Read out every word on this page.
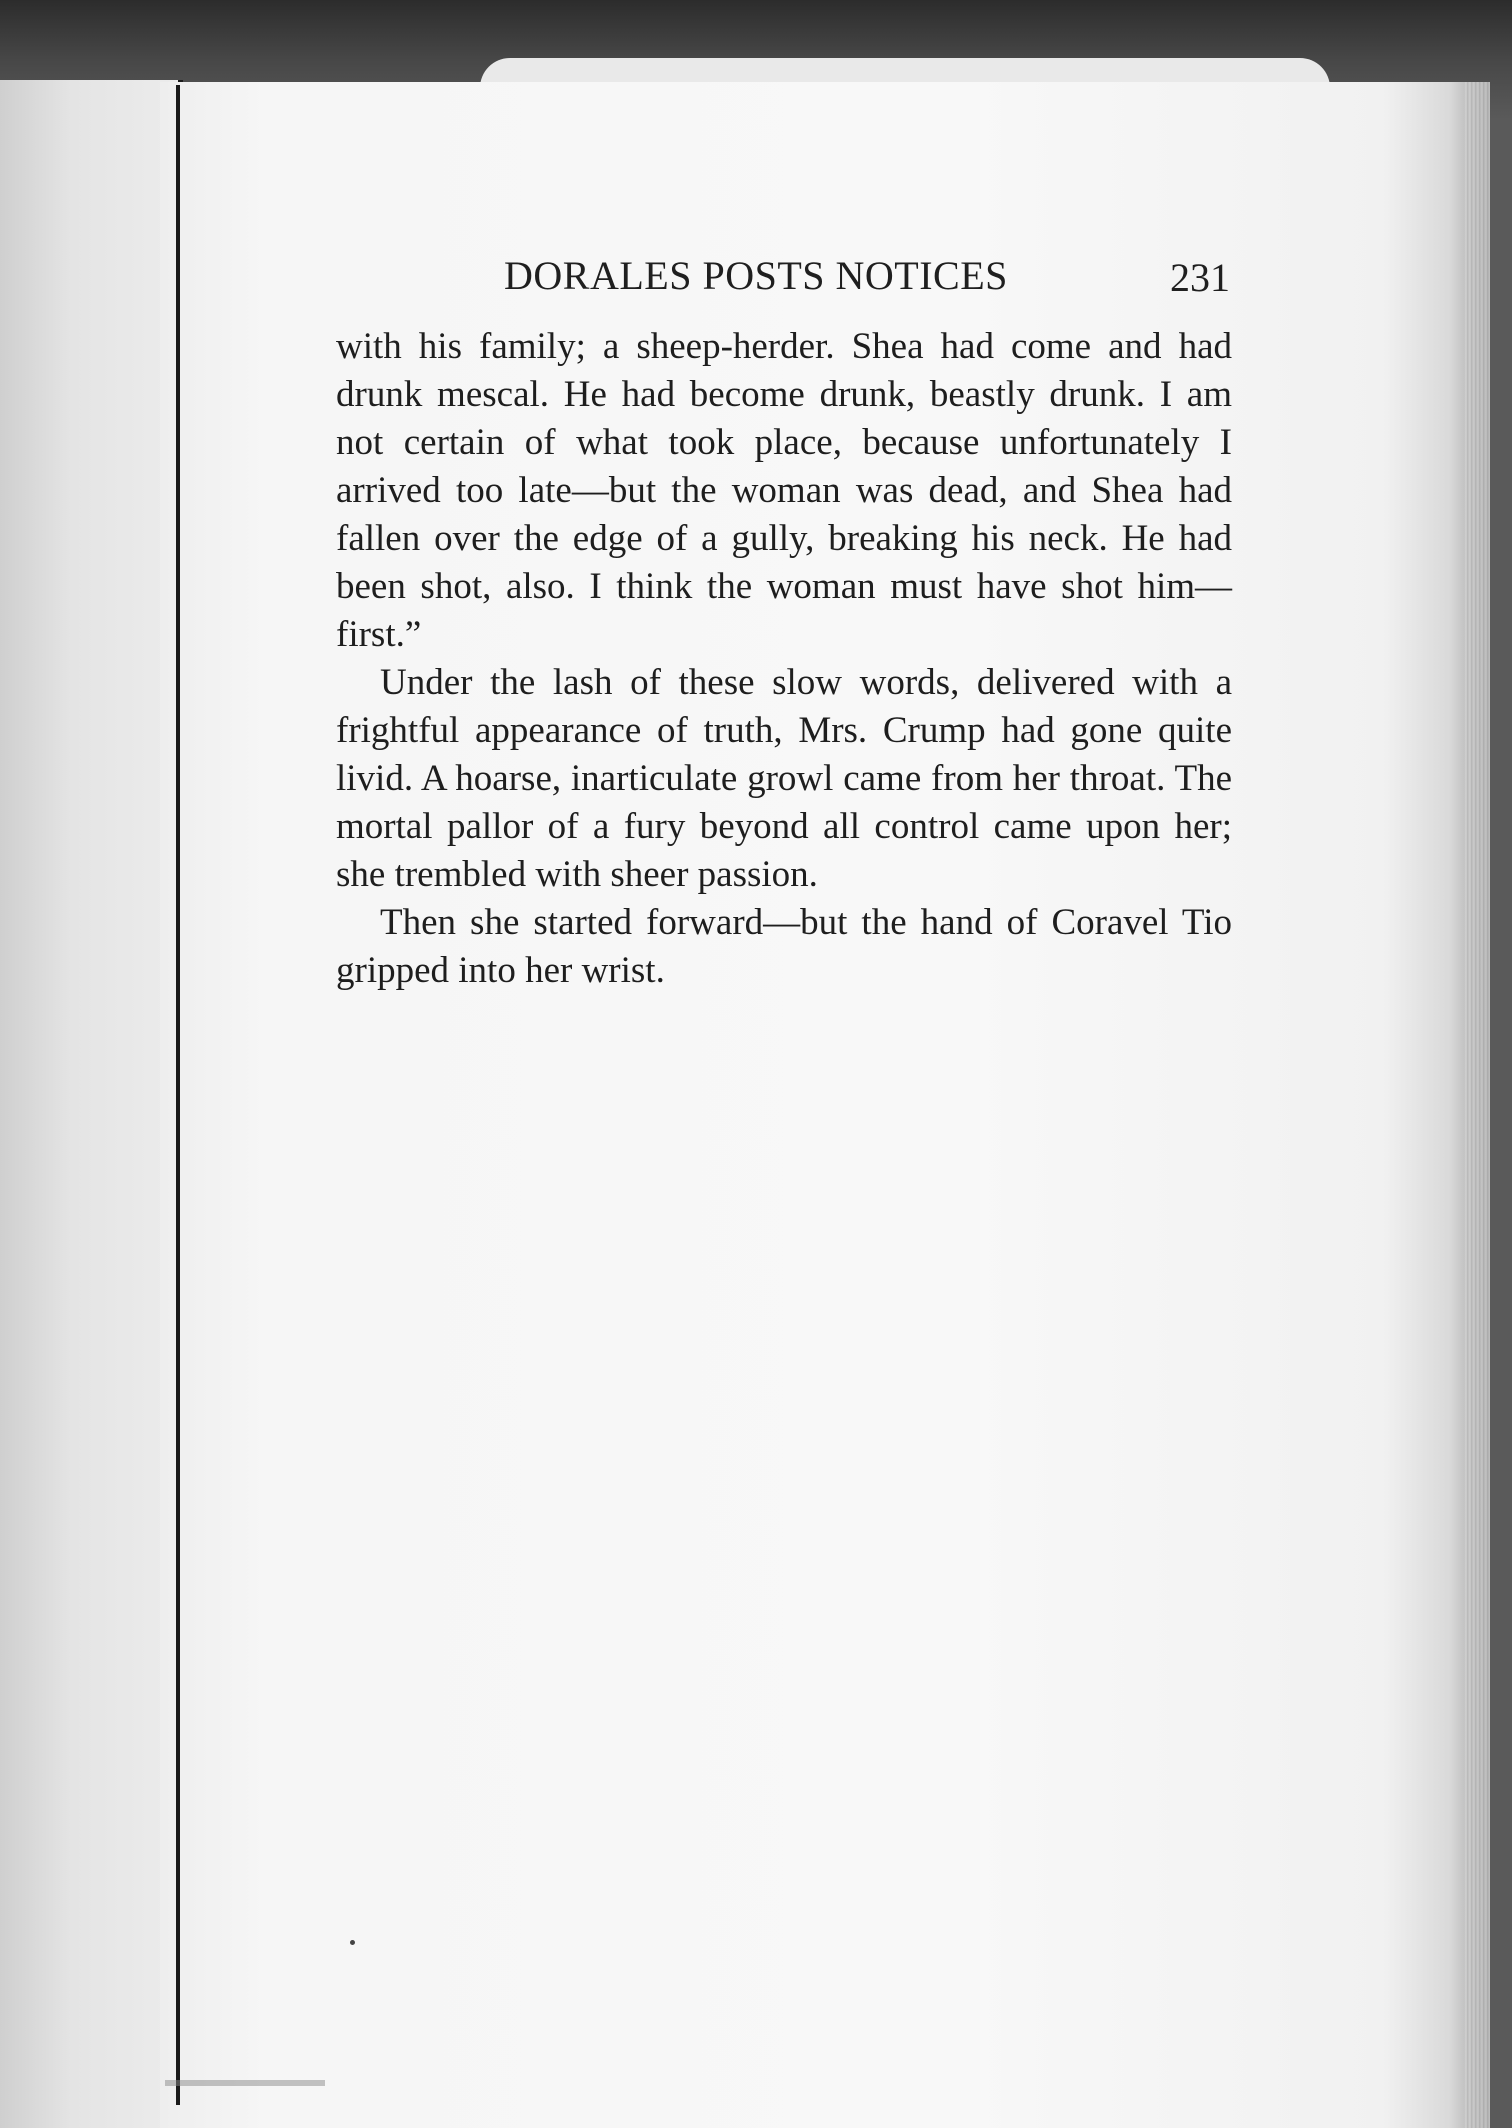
DORALES POSTS NOTICES	231

with his family; a sheep-herder. Shea had come and had drunk mescal. He had become drunk, beastly drunk. I am not certain of what took place, because unfortunately I arrived too late—but the woman was dead, and Shea had fallen over the edge of a gully, breaking his neck. He had been shot, also. I think the woman must have shot him—first.”

Under the lash of these slow words, delivered with a frightful appearance of truth, Mrs. Crump had gone quite livid. A hoarse, inarticulate growl came from her throat. The mortal pallor of a fury beyond all control came upon her; she trembled with sheer passion.

Then she started forward—but the hand of Coravel Tio gripped into her wrist.
